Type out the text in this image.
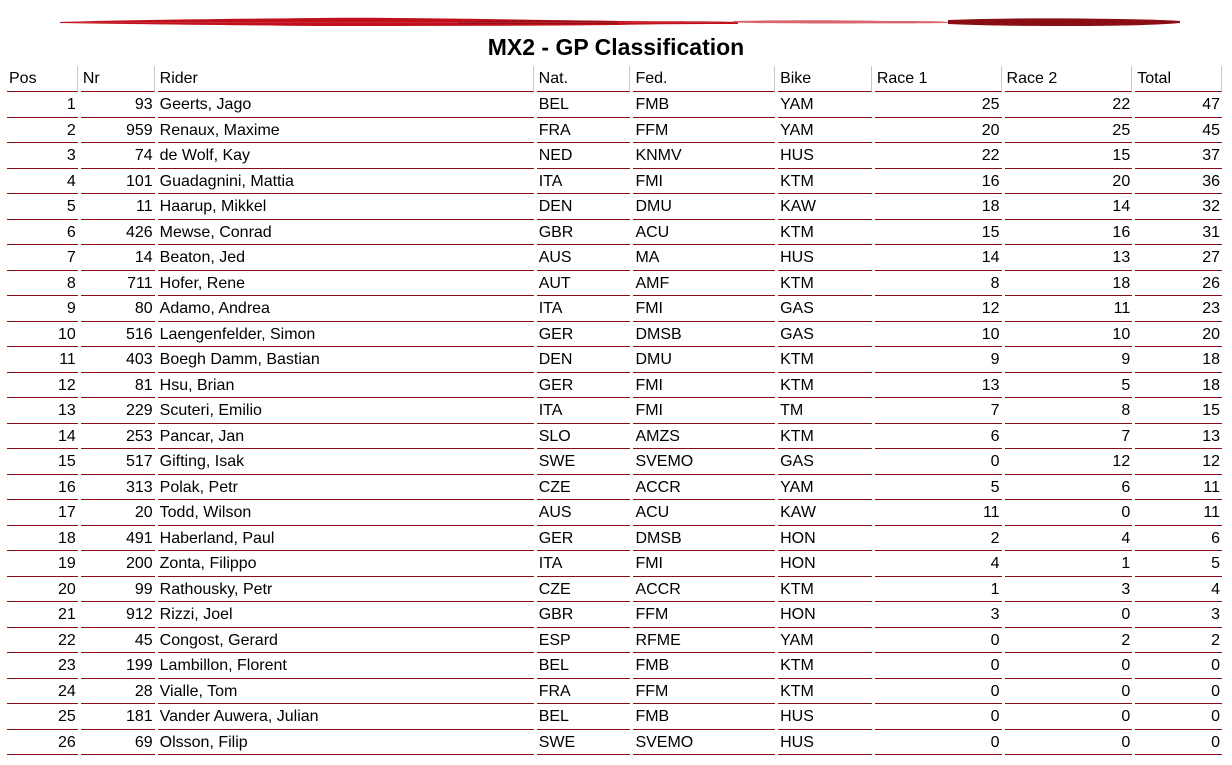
MX2 - GP Classification
Pos	Nr	Rider	Nat.	Fed.	Bike	Race 1	Race 2	Total
1	93 Geerts, Jago	BEL	FMB	YAM	25	22	47
2	959 Renaux, Maxime	FRA	FFM	YAM	20	25	45
3	74 de Wolf, Kay	NED	KNMV	HUS	22	15	37
4	101 Guadagnini, Mattia	ITA	FMI	KTM	16	20	36
5	11 Haarup, Mikkel	DEN	DMU	KAW	18	14	32
6	426 Mewse, Conrad	GBR	ACU	KTM	15	16	31
7	14 Beaton, Jed	AUS	MA	HUS	14	13	27
8	711 Hofer, Rene	AUT	AMF	KTM	8	18	26
9	80 Adamo, Andrea	ITA	FMI	GAS	12	11	23
10	516 Laengenfelder, Simon	GER	DMSB	GAS	10	10	20
11	403 Boegh Damm, Bastian	DEN	DMU	KTM	9	9	18
12	81 Hsu, Brian	GER	FMI	KTM	13	5	18
13	229 Scuteri, Emilio	ITA	FMI	TM	7	8	15
14	253 Pancar, Jan	SLO	AMZS	KTM	6	7	13
15	517 Gifting, Isak	SWE	SVEMO	GAS	0	12	12
16	313 Polak, Petr	CZE	ACCR	YAM	5	6	11
17	20 Todd, Wilson	AUS	ACU	KAW	11	0	11
18	491 Haberland, Paul	GER	DMSB	HON	2	4	6
19	200 Zonta, Filippo	ITA	FMI	HON	4	1	5
20	99 Rathousky, Petr	CZE	ACCR	KTM	1	3	4
21	912 Rizzi, Joel	GBR	FFM	HON	3	0	3
22	45 Congost, Gerard	ESP	RFME	YAM	0	2	2
23	199 Lambillon, Florent	BEL	FMB	KTM	0	0	0
24	28 Vialle, Tom	FRA	FFM	KTM	0	0	0
25	181 Vander Auwera, Julian	BEL	FMB	HUS	0	0	0
26	69 Olsson, Filip	SWE	SVEMO	HUS	0	0	0
